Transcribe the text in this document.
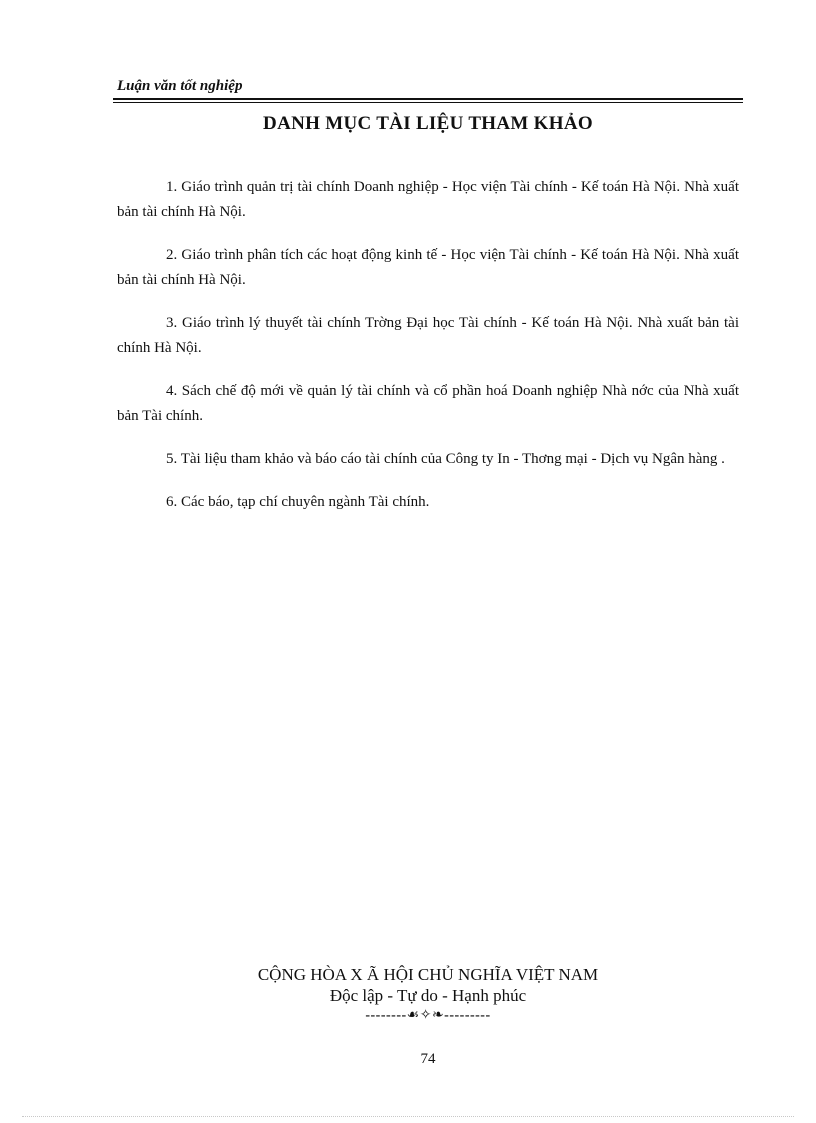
Luận văn tốt nghiệp
DANH MỤC TÀI LIỆU THAM KHẢO

1. Giáo trình quản trị tài chính Doanh nghiệp - Học viện Tài chính - Kế toán Hà Nội. Nhà xuất bản tài chính Hà Nội.

2. Giáo trình phân tích các hoạt động kinh tế - Học viện Tài chính - Kế toán Hà Nội. Nhà xuất bản tài chính Hà Nội.

3. Giáo trình lý thuyết tài chính Trờng Đại học Tài chính - Kế toán Hà Nội. Nhà xuất bản tài chính Hà Nội.

4. Sách chế độ mới về quản lý tài chính và cổ phần hoá Doanh nghiệp Nhà nớc của Nhà xuất bản Tài chính.

5. Tài liệu tham khảo và báo cáo tài chính của Công ty In - Thơng mại - Dịch vụ Ngân hàng .

6. Các báo, tạp chí chuyên ngành Tài chính.

CỘNG HÒA X Ã HỘI CHỦ NGHĨA VIỆT NAM
Độc lập - Tự do - Hạnh phúc
--------☙✧❧---------
74
